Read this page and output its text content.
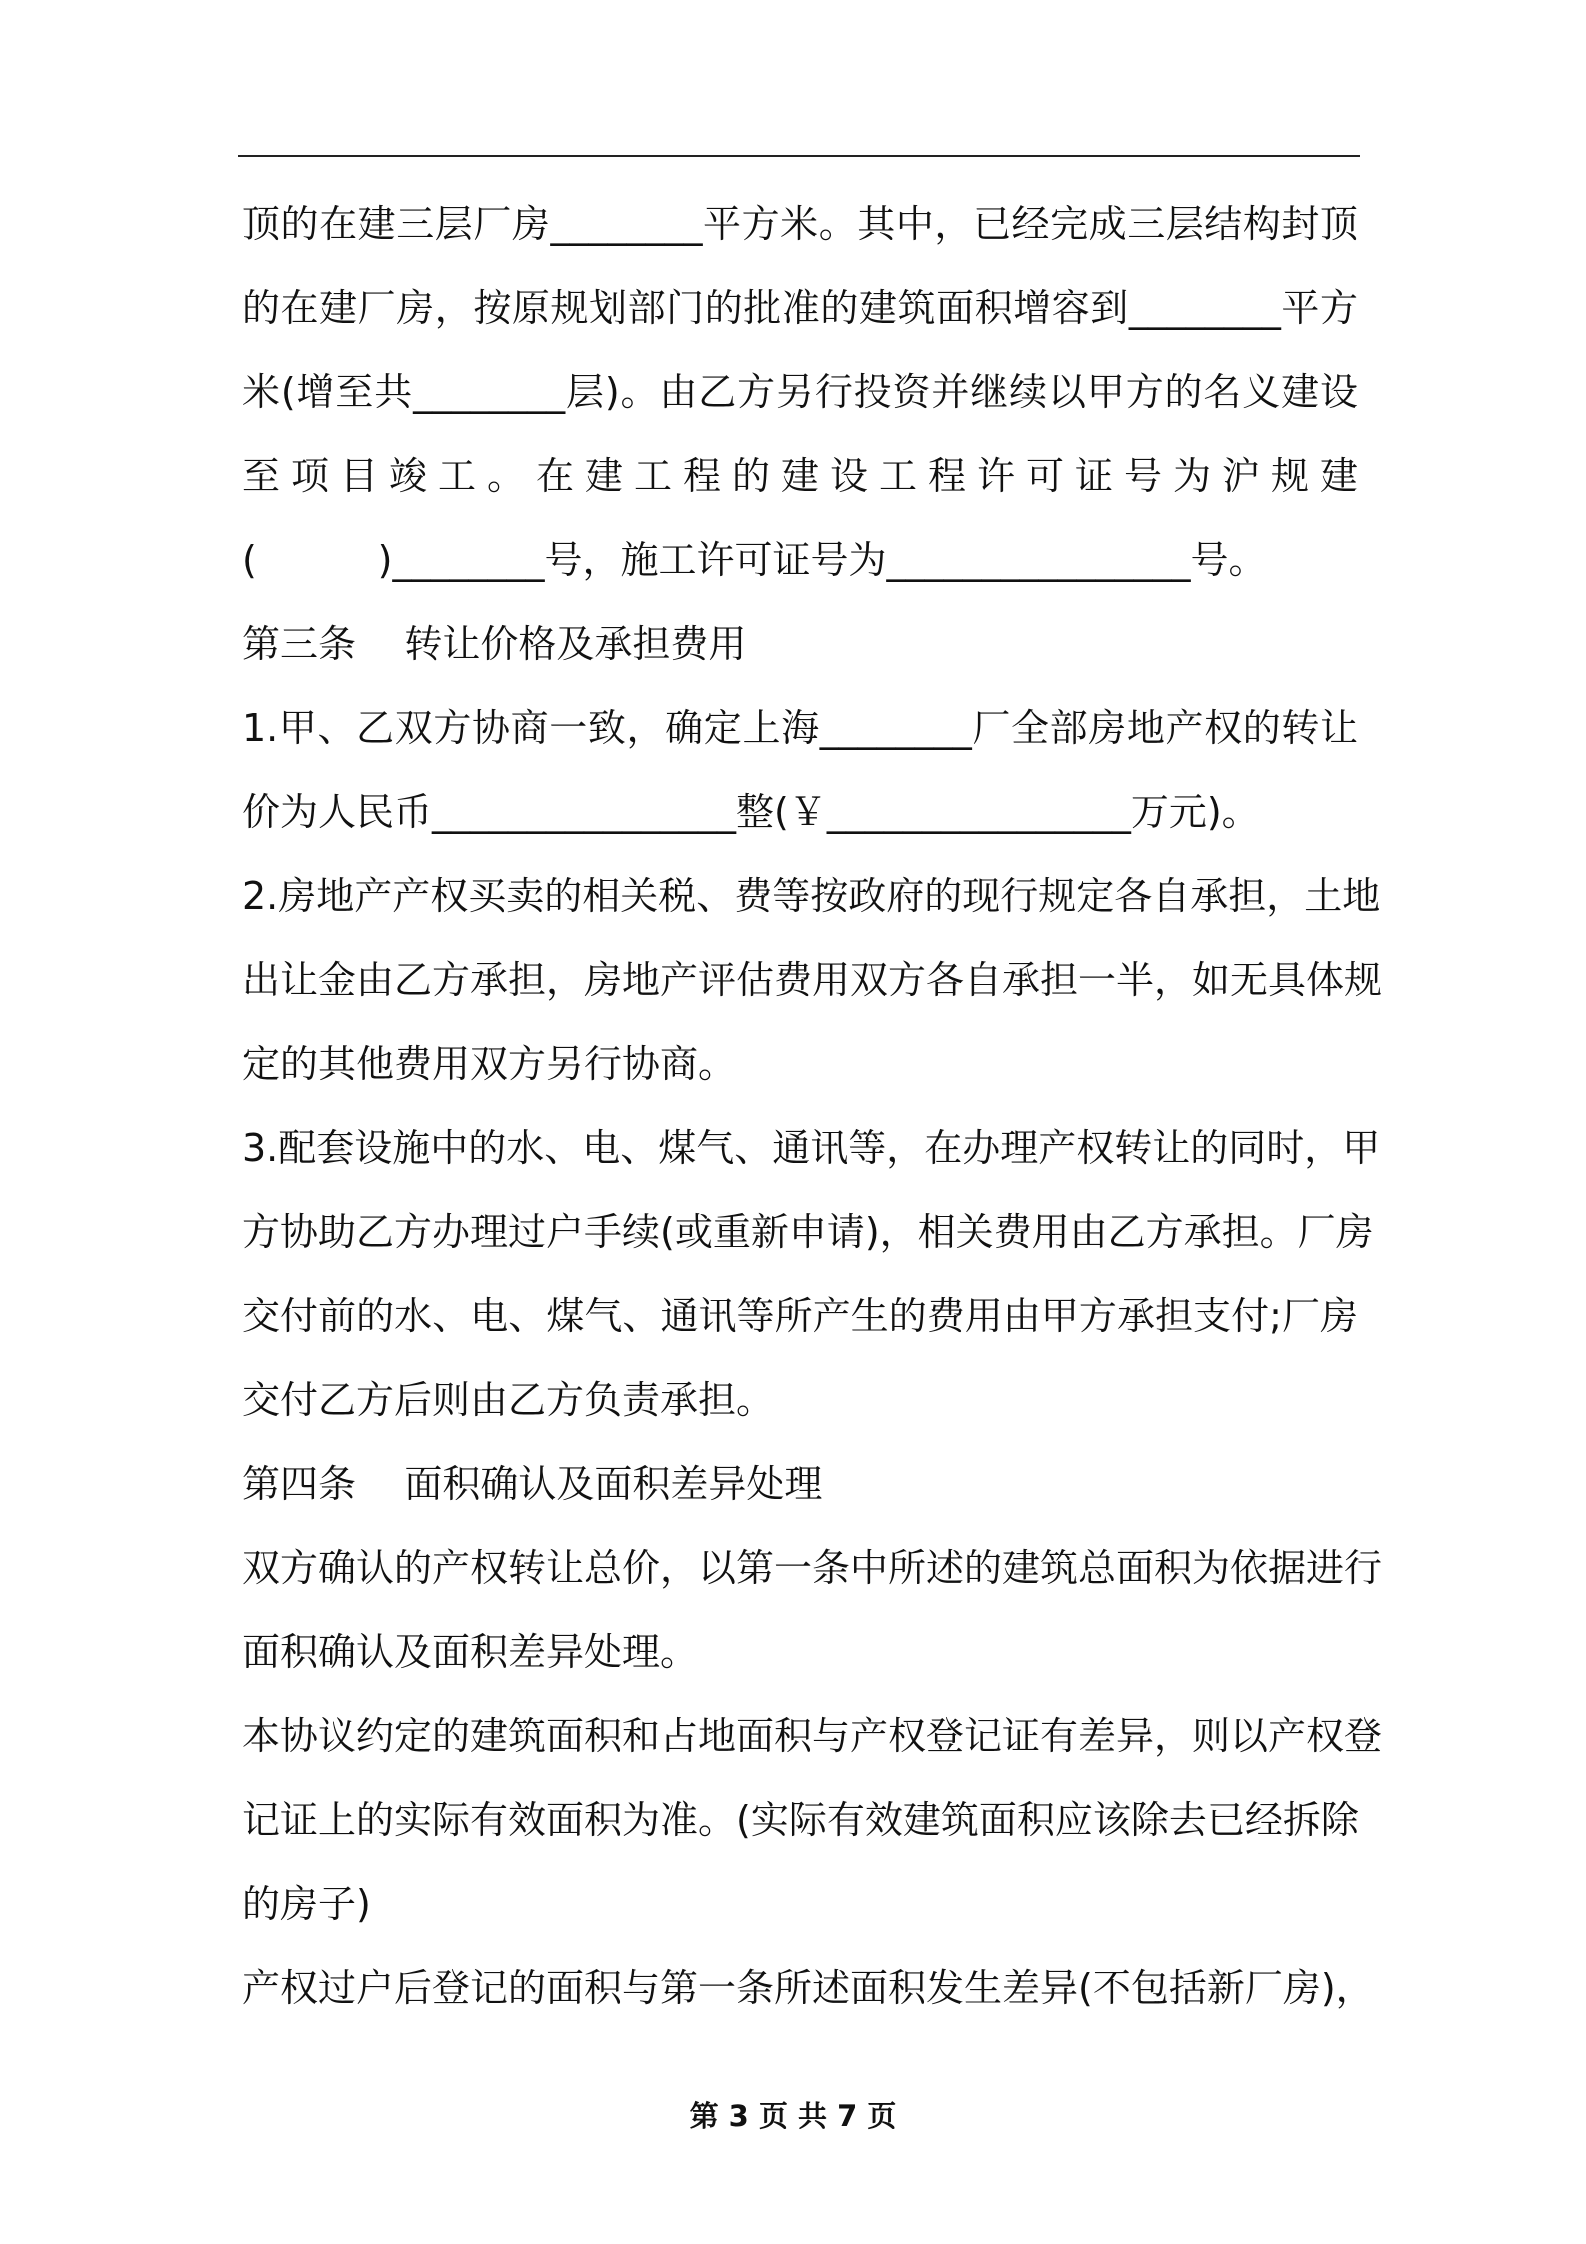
顶的在建三层厂房________平方米。其中，已经完成三层结构封顶
的在建厂房，按原规划部门的批准的建筑面积增容到________平方
米(增至共________层)。由乙方另行投资并继续以甲方的名义建设
至项目竣工。在建工程的建设工程许可证号为沪规建
(          )________号，施工许可证号为________________号。
第三条    转让价格及承担费用
1.甲、乙双方协商一致，确定上海________厂全部房地产权的转让
价为人民币________________整(￥________________万元)。
2.房地产产权买卖的相关税、费等按政府的现行规定各自承担，土地
出让金由乙方承担，房地产评估费用双方各自承担一半，如无具体规
定的其他费用双方另行协商。
3.配套设施中的水、电、煤气、通讯等，在办理产权转让的同时，甲
方协助乙方办理过户手续(或重新申请)，相关费用由乙方承担。厂房
交付前的水、电、煤气、通讯等所产生的费用由甲方承担支付;厂房
交付乙方后则由乙方负责承担。
第四条    面积确认及面积差异处理
双方确认的产权转让总价，以第一条中所述的建筑总面积为依据进行
面积确认及面积差异处理。
本协议约定的建筑面积和占地面积与产权登记证有差异，则以产权登
记证上的实际有效面积为准。(实际有效建筑面积应该除去已经拆除
的房子)
产权过户后登记的面积与第一条所述面积发生差异(不包括新厂房)，
第 3 页 共 7 页
